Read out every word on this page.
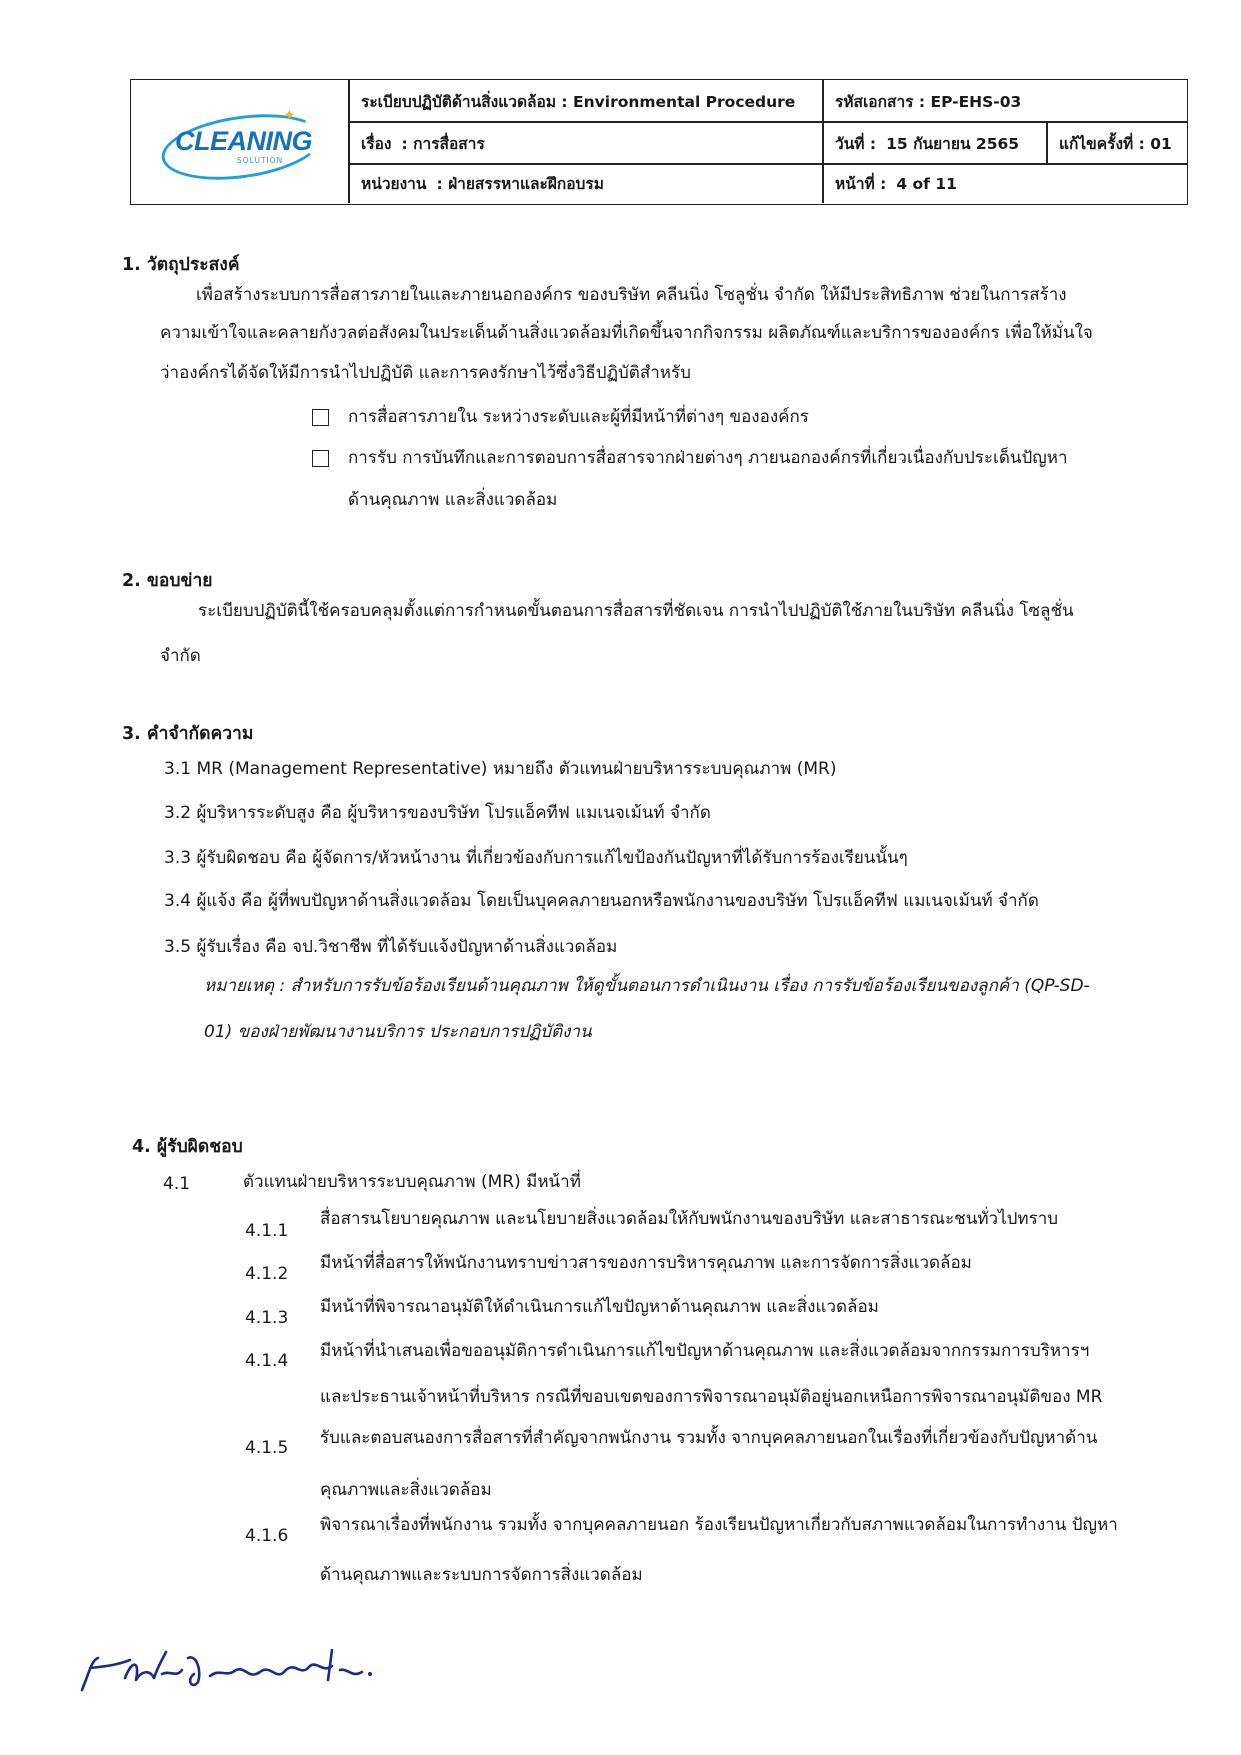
✦
CLEANING
SOLUTION
ระเบียบปฏิบัติด้านสิ่งแวดล้อม : Environmental Procedure	รหัสเอกสาร : EP-EHS-03
เรื่อง : การสื่อสาร	วันที่ : 15 กันยายน 2565	แก้ไขครั้งที่ : 01
หน่วยงาน : ฝ่ายสรรหาและฝึกอบรม	หน้าที่ : 4 of 11
1. วัตถุประสงค์
เพื่อสร้างระบบการสื่อสารภายในและภายนอกองค์กร ของบริษัท คลีนนิ่ง โซลูชั่น จำกัด ให้มีประสิทธิภาพ ช่วยในการสร้าง
ความเข้าใจและคลายกังวลต่อสังคมในประเด็นด้านสิ่งแวดล้อมที่เกิดขึ้นจากกิจกรรม ผลิตภัณฑ์และบริการขององค์กร เพื่อให้มั่นใจ
ว่าองค์กรได้จัดให้มีการนำไปปฏิบัติ และการคงรักษาไว้ซึ่งวิธีปฏิบัติสำหรับ
การสื่อสารภายใน ระหว่างระดับและผู้ที่มีหน้าที่ต่างๆ ขององค์กร
การรับ การบันทึกและการตอบการสื่อสารจากฝ่ายต่างๆ ภายนอกองค์กรที่เกี่ยวเนื่องกับประเด็นปัญหา
ด้านคุณภาพ และสิ่งแวดล้อม
2. ขอบข่าย
ระเบียบปฏิบัตินี้ใช้ครอบคลุมตั้งแต่การกำหนดขั้นตอนการสื่อสารที่ชัดเจน การนำไปปฏิบัติใช้ภายในบริษัท คลีนนิ่ง โซลูชั่น
จำกัด
3. คำจำกัดความ
3.1 MR (Management Representative) หมายถึง ตัวแทนฝ่ายบริหารระบบคุณภาพ (MR)
3.2 ผู้บริหารระดับสูง คือ ผู้บริหารของบริษัท โปรแอ็คทีฟ แมเนจเม้นท์ จำกัด
3.3 ผู้รับผิดชอบ คือ ผู้จัดการ/หัวหน้างาน ที่เกี่ยวข้องกับการแก้ไขป้องกันปัญหาที่ได้รับการร้องเรียนนั้นๆ
3.4 ผู้แจ้ง คือ ผู้ที่พบปัญหาด้านสิ่งแวดล้อม โดยเป็นบุคคลภายนอกหรือพนักงานของบริษัท โปรแอ็คทีฟ แมเนจเม้นท์ จำกัด
3.5 ผู้รับเรื่อง คือ จป.วิชาชีพ ที่ได้รับแจ้งปัญหาด้านสิ่งแวดล้อม
หมายเหตุ : สำหรับการรับข้อร้องเรียนด้านคุณภาพ ให้ดูขั้นตอนการดำเนินงาน เรื่อง การรับข้อร้องเรียนของลูกค้า (QP-SD-
01) ของฝ่ายพัฒนางานบริการ ประกอบการปฏิบัติงาน
4. ผู้รับผิดชอบ
4.1	ตัวแทนฝ่ายบริหารระบบคุณภาพ (MR) มีหน้าที่
4.1.1
สื่อสารนโยบายคุณภาพ และนโยบายสิ่งแวดล้อมให้กับพนักงานของบริษัท และสาธารณะชนทั่วไปทราบ
4.1.2
มีหน้าที่สื่อสารให้พนักงานทราบข่าวสารของการบริหารคุณภาพ และการจัดการสิ่งแวดล้อม
4.1.3
มีหน้าที่พิจารณาอนุมัติให้ดำเนินการแก้ไขปัญหาด้านคุณภาพ และสิ่งแวดล้อม
4.1.4 มีหน้าที่นำเสนอเพื่อขออนุมัติการดำเนินการแก้ไขปัญหาด้านคุณภาพ และสิ่งแวดล้อมจากกรรมการบริหารฯ
และประธานเจ้าหน้าที่บริหาร กรณีที่ขอบเขตของการพิจารณาอนุมัติอยู่นอกเหนือการพิจารณาอนุมัติของ MR
4.1.5 รับและตอบสนองการสื่อสารที่สำคัญจากพนักงาน รวมทั้ง จากบุคคลภายนอกในเรื่องที่เกี่ยวข้องกับปัญหาด้าน
คุณภาพและสิ่งแวดล้อม
4.1.6
พิจารณาเรื่องที่พนักงาน รวมทั้ง จากบุคคลภายนอก ร้องเรียนปัญหาเกี่ยวกับสภาพแวดล้อมในการทำงาน ปัญหา
ด้านคุณภาพและระบบการจัดการสิ่งแวดล้อม
